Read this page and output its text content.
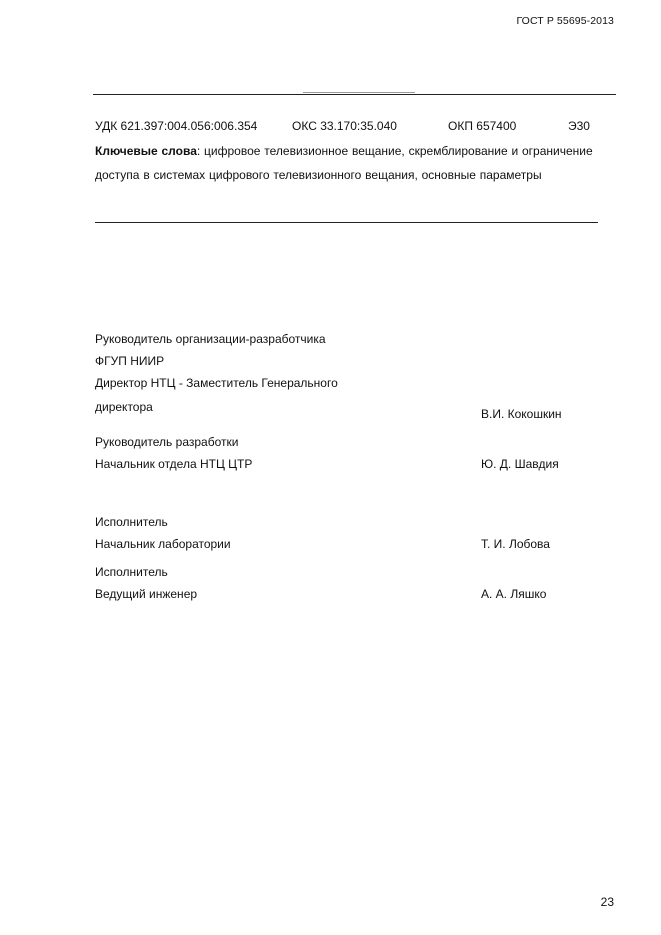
ГОСТ Р 55695-2013
УДК 621.397:004.056:006.354	ОКС 33.170:35.040	ОКП 657400	Э30
Ключевые слова: цифровое телевизионное вещание, скремблирование и ограничение доступа в системах цифрового телевизионного вещания, основные параметры
Руководитель организации-разработчика
ФГУП НИИР
Директор НТЦ - Заместитель Генерального
директора	В.И. Кокошкин
Руководитель разработки
Начальник отдела НТЦ ЦТР	Ю. Д. Шавдия
Исполнитель
Начальник лаборатории	Т. И. Лобова
Исполнитель
Ведущий инженер	А. А. Ляшко
23
